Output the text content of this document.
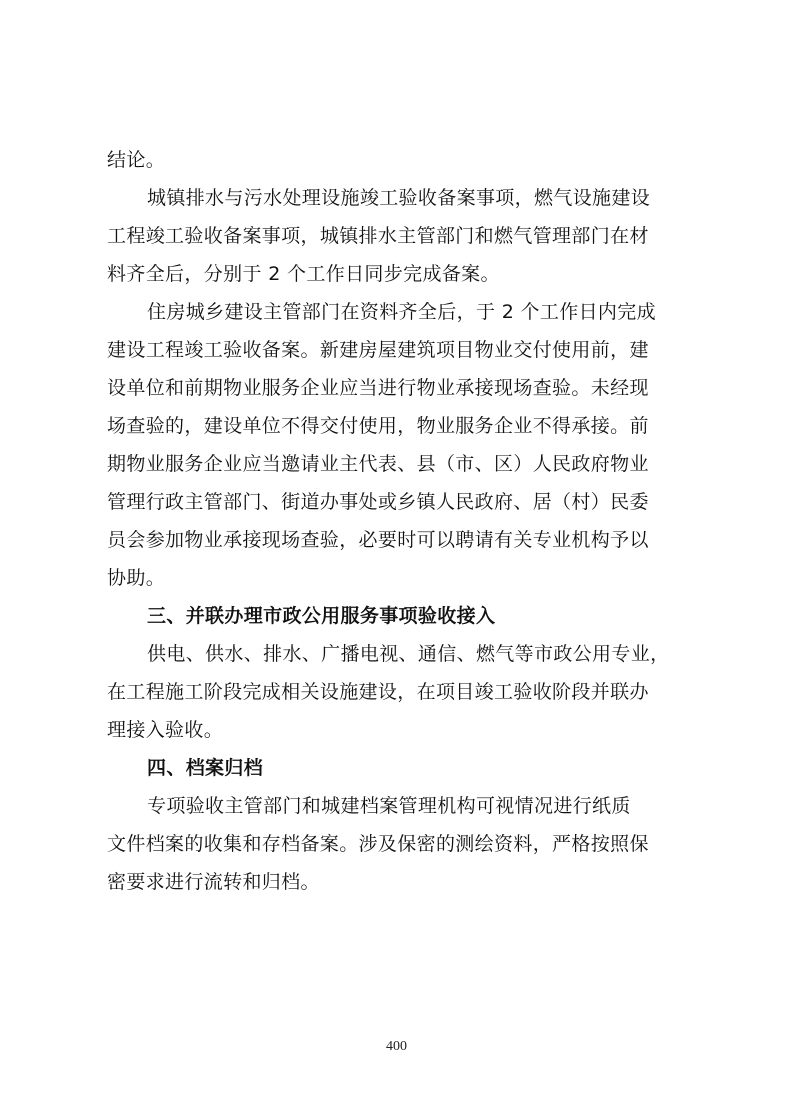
结论。
城镇排水与污水处理设施竣工验收备案事项，燃气设施建设
工程竣工验收备案事项，城镇排水主管部门和燃气管理部门在材
料齐全后，分别于 2 个工作日同步完成备案。
住房城乡建设主管部门在资料齐全后，于 2 个工作日内完成
建设工程竣工验收备案。新建房屋建筑项目物业交付使用前，建
设单位和前期物业服务企业应当进行物业承接现场查验。未经现
场查验的，建设单位不得交付使用，物业服务企业不得承接。前
期物业服务企业应当邀请业主代表、县（市、区）人民政府物业
管理行政主管部门、街道办事处或乡镇人民政府、居（村）民委
员会参加物业承接现场查验，必要时可以聘请有关专业机构予以
协助。
三、并联办理市政公用服务事项验收接入
供电、供水、排水、广播电视、通信、燃气等市政公用专业，
在工程施工阶段完成相关设施建设，在项目竣工验收阶段并联办
理接入验收。
四、档案归档
专项验收主管部门和城建档案管理机构可视情况进行纸质
文件档案的收集和存档备案。涉及保密的测绘资料，严格按照保
密要求进行流转和归档。
400
